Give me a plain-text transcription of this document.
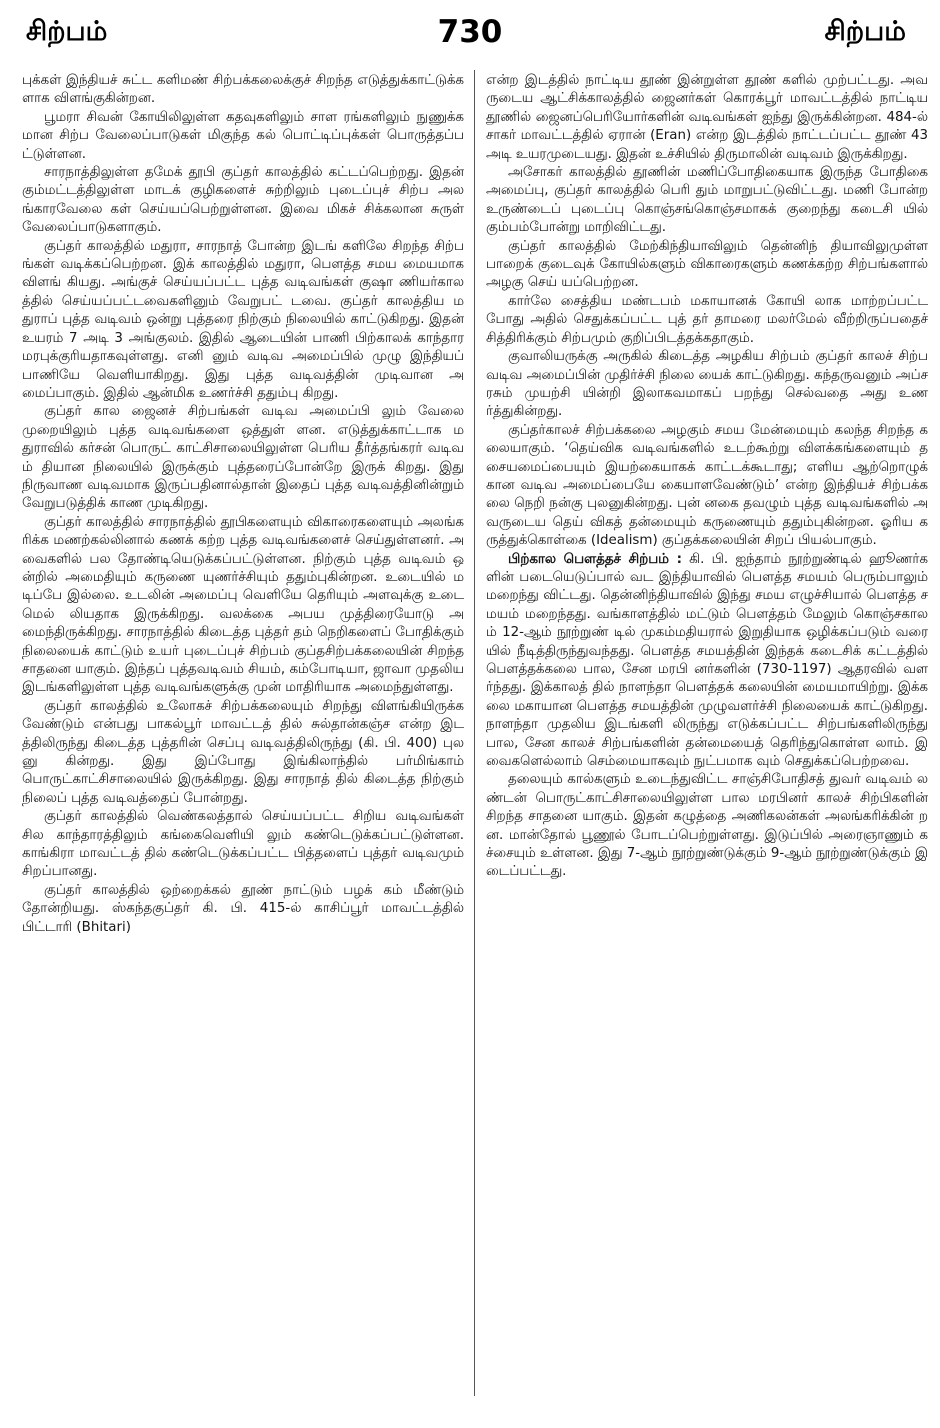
சிற்பம்	730	சிற்பம்

புக்கள் இந்தியச் சுட்ட களிமண் சிற்பக்கலைக்குச் சிறந்த எடுத்துக்காட்டுக்களாக விளங்குகின்றன.

பூமரா சிவன் கோயிலிலுள்ள கதவுகளிலும் சாள ரங்களிலும் நுணுக்கமான சிற்ப வேலைப்பாடுகள் மிகுந்த கல் பொட்டிப்புக்கள் பொருத்தப்பட்டுள்ளன.

சாரநாத்திலுள்ள தமேக் தூபி குப்தர் காலத்தில் கட்டப்பெற்றது. இதன் கும்மட்டத்திலுள்ள மாடக் குழிகளைச் சுற்றிலும் புடைப்புச் சிற்ப அலங்காரவேலை கள் செய்யப்பெற்றுள்ளன. இவை மிகச் சிக்கலான சுருள் வேலைப்பாடுகளாகும்.

குப்தர் காலத்தில் மதுரா, சாரநாத் போன்ற இடங் களிலே சிறந்த சிற்பங்கள் வடிக்கப்பெற்றன. இக் காலத்தில் மதுரா, பௌத்த சமய மையமாக விளங் கியது. அங்குச் செய்யப்பட்ட புத்த வடிவங்கள் குஷா ணியர்காலத்தில் செய்யப்பட்டவைகளினும் வேறுபட் டவை. குப்தர் காலத்திய மதுராப் புத்த வடிவம் ஒன்று புத்தரை நிற்கும் நிலையில் காட்டுகிறது. இதன் உயரம் 7 அடி 3 அங்குலம். இதில் ஆடையின் பாணி பிற்காலக் காந்தார மரபுக்குரியதாகவுள்ளது. எனி னும் வடிவ அமைப்பில் முழு இந்தியப் பாணியே வெளியாகிறது. இது புத்த வடிவத்தின் முடிவான அமைப்பாகும். இதில் ஆன்மிக உணர்ச்சி ததும்பு கிறது.

குப்தர் கால ஜைனச் சிற்பங்கள் வடிவ அமைப்பி லும் வேலை முறையிலும் புத்த வடிவங்களை ஒத்துள் ளன. எடுத்துக்காட்டாக மதுராவில் கர்சன் பொருட் காட்சிசாலையிலுள்ள பெரிய தீர்த்தங்கரர் வடிவம் தியான நிலையில் இருக்கும் புத்தரைப்போன்றே இருக் கிறது. இது நிருவாண வடிவமாக இருப்பதினால்தான் இதைப் புத்த வடிவத்தினின்றும் வேறுபடுத்திக் காண முடிகிறது.

குப்தர் காலத்தில் சாரநாத்தில் தூபிகளையும் விகாரைகளையும் அலங்கரிக்க மணற்கல்லினால் கணக் கற்ற புத்த வடிவங்களைச் செய்துள்ளனர். அவைகளில் பல தோண்டியெடுக்கப்பட்டுள்ளன. நிற்கும் புத்த வடிவம் ஒன்றில் அமைதியும் கருணை யுணர்ச்சியும் ததும்புகின்றன. உடையில் மடிப்பே இல்லை. உடலின் அமைப்பு வெளியே தெரியும் அளவுக்கு உடை மெல் லியதாக இருக்கிறது. வலக்கை அபய முத்திரையோடு அமைந்திருக்கிறது. சாரநாத்தில் கிடைத்த புத்தர் தம் நெறிகளைப் போதிக்கும் நிலையைக் காட்டும் உயர் புடைப்புச் சிற்பம் குப்தசிற்பக்கலையின் சிறந்த சாதனை யாகும். இந்தப் புத்தவடிவம் சியம், கம்போடியா, ஜாவா முதலிய இடங்களிலுள்ள புத்த வடிவங்களுக்கு முன் மாதிரியாக அமைந்துள்ளது.

குப்தர் காலத்தில் உலோகச் சிற்பக்கலையும் சிறந்து விளங்கியிருக்கவேண்டும் என்பது பாகல்பூர் மாவட்டத் தில் சுல்தான்கஞ்ச என்ற இடத்திலிருந்து கிடைத்த புத்தரின் செப்பு வடிவத்திலிருந்து (கி. பி. 400) புலனு கின்றது. இது இப்போது இங்கிலாந்தில் பர்மிங்காம் பொருட்காட்சிசாலையில் இருக்கிறது. இது சாரநாத் தில் கிடைத்த நிற்கும் நிலைப் புத்த வடிவத்தைப் போன்றது.

குப்தர் காலத்தில் வெண்கலத்தால் செய்யப்பட்ட சிறிய வடிவங்கள் சில காந்தாரத்திலும் கங்கைவெளியி லும் கண்டெடுக்கப்பட்டுள்ளன. காங்கிரா மாவட்டத் தில் கண்டெடுக்கப்பட்ட பித்தளைப் புத்தர் வடிவமும் சிறப்பானது.

குப்தர் காலத்தில் ஒற்றைக்கல் தூண் நாட்டும் பழக் கம் மீண்டும் தோன்றியது. ஸ்கந்தகுப்தர் கி. பி. 415-ல் காசிப்பூர் மாவட்டத்தில் பிட்டாரி (Bhitari)

என்ற இடத்தில் நாட்டிய தூண் இன்றுள்ள தூண் களில் முற்பட்டது. அவருடைய ஆட்சிக்காலத்தில் ஜைனர்கள் கொரக்பூர் மாவட்டத்தில் நாட்டிய தூணில் ஜைனப்பெரியோர்களின் வடிவங்கள் ஐந்து இருக்கின்றன. 484-ல் சாகர் மாவட்டத்தில் ஏரான் (Eran) என்ற இடத்தில் நாட்டப்பட்ட தூண் 43 அடி உயரமுடையது. இதன் உச்சியில் திருமாலின் வடிவம் இருக்கிறது.

அசோகர் காலத்தில் தூணின் மணிப்போதிகையாக இருந்த போதிகை அமைப்பு, குப்தர் காலத்தில் பெரி தும் மாறுபட்டுவிட்டது. மணி போன்ற உருண்டைப் புடைப்பு கொஞ்சங்கொஞ்சமாகக் குறைந்து கடைசி யில் கும்பம்போன்று மாறிவிட்டது.

குப்தர் காலத்தில் மேற்கிந்தியாவிலும் தென்னிந் தியாவிலுமுள்ள பாறைக் குடைவுக் கோயில்களும் விகாரைகளும் கணக்கற்ற சிற்பங்களால் அழகு செய் யப்பெற்றன.

கார்லே சைத்திய மண்டபம் மகாயானக் கோயி லாக மாற்றப்பட்டபோது அதில் செதுக்கப்பட்ட புத் தர் தாமரை மலர்மேல் வீற்றிருப்பதைச் சித்திரிக்கும் சிற்பமும் குறிப்பிடத்தக்கதாகும்.

குவாலியருக்கு அருகில் கிடைத்த அழகிய சிற்பம் குப்தர் காலச் சிற்ப வடிவ அமைப்பின் முதிர்ச்சி நிலை யைக் காட்டுகிறது. கந்தருவனும் அப்சரசும் முயற்சி யின்றி இலாகவமாகப் பறந்து செல்வதை அது உணர்த்துகின்றது.

குப்தர்காலச் சிற்பக்கலை அழகும் சமய மேன்மையும் கலந்த சிறந்த கலையாகும். ‘தெய்விக வடிவங்களில் உடற்கூற்று விளக்கங்களையும் தசையமைப்பையும் இயற்கையாகக் காட்டக்கூடாது; எளிய ஆற்றொழுக் கான வடிவ அமைப்பையே கையாளவேண்டும்’ என்ற இந்தியச் சிற்பக்கலை நெறி நன்கு புலனுகின்றது. புன் னகை தவழும் புத்த வடிவங்களில் அவருடைய தெய் விகத் தன்மையும் கருணையும் ததும்புகின்றன. ஓரிய கருத்துக்கொள்கை (Idealism) குப்தக்கலையின் சிறப் பியல்பாகும்.

பிற்கால பௌத்தச் சிற்பம் : கி. பி. ஐந்தாம் நூற்றுண்டில் ஹூணர்களின் படையெடுப்பால் வட இந்தியாவில் பௌத்த சமயம் பெரும்பாலும் மறைந்து விட்டது. தென்னிந்தியாவில் இந்து சமய எழுச்சியால் பௌத்த சமயம் மறைந்தது. வங்காளத்தில் மட்டும் பௌத்தம் மேலும் கொஞ்சகாலம் 12-ஆம் நூற்றுண் டில் முகம்மதியரால் இறுதியாக ஒழிக்கப்படும் வரை யில் நீடித்திருந்துவந்தது. பௌத்த சமயத்தின் இந்தக் கடைசிக் கட்டத்தில் பௌத்தக்கலை பால, சேன மரபி னர்களின் (730-1197) ஆதரவில் வளர்ந்தது. இக்காலத் தில் நாளந்தா பௌத்தக் கலையின் மையமாயிற்று. இக்கலை மகாயான பௌத்த சமயத்தின் முழுவளர்ச்சி நிலையைக் காட்டுகிறது. நாளந்தா முதலிய இடங்களி லிருந்து எடுக்கப்பட்ட சிற்பங்களிலிருந்து பால, சேன காலச் சிற்பங்களின் தன்மையைத் தெரிந்துகொள்ள லாம். இவைகளெல்லாம் செம்மையாகவும் நுட்பமாக வும் செதுக்கப்பெற்றவை.

தலையும் கால்களும் உடைந்துவிட்ட சாஞ்சிபோதிசத் துவர் வடிவம் லண்டன் பொருட்காட்சிசாலையிலுள்ள பால மரபினர் காலச் சிற்பிகளின் சிறந்த சாதனை யாகும். இதன் கழுத்தை அணிகலன்கள் அலங்கரிக்கின் றன. மான்தோல் பூணூல் போடப்பெற்றுள்ளது. இடுப்பில் அரைஞாணும் கச்சையும் உள்ளன. இது 7-ஆம் நூற்றுண்டுக்கும் 9-ஆம் நூற்றுண்டுக்கும் இடைப்பட்டது.
